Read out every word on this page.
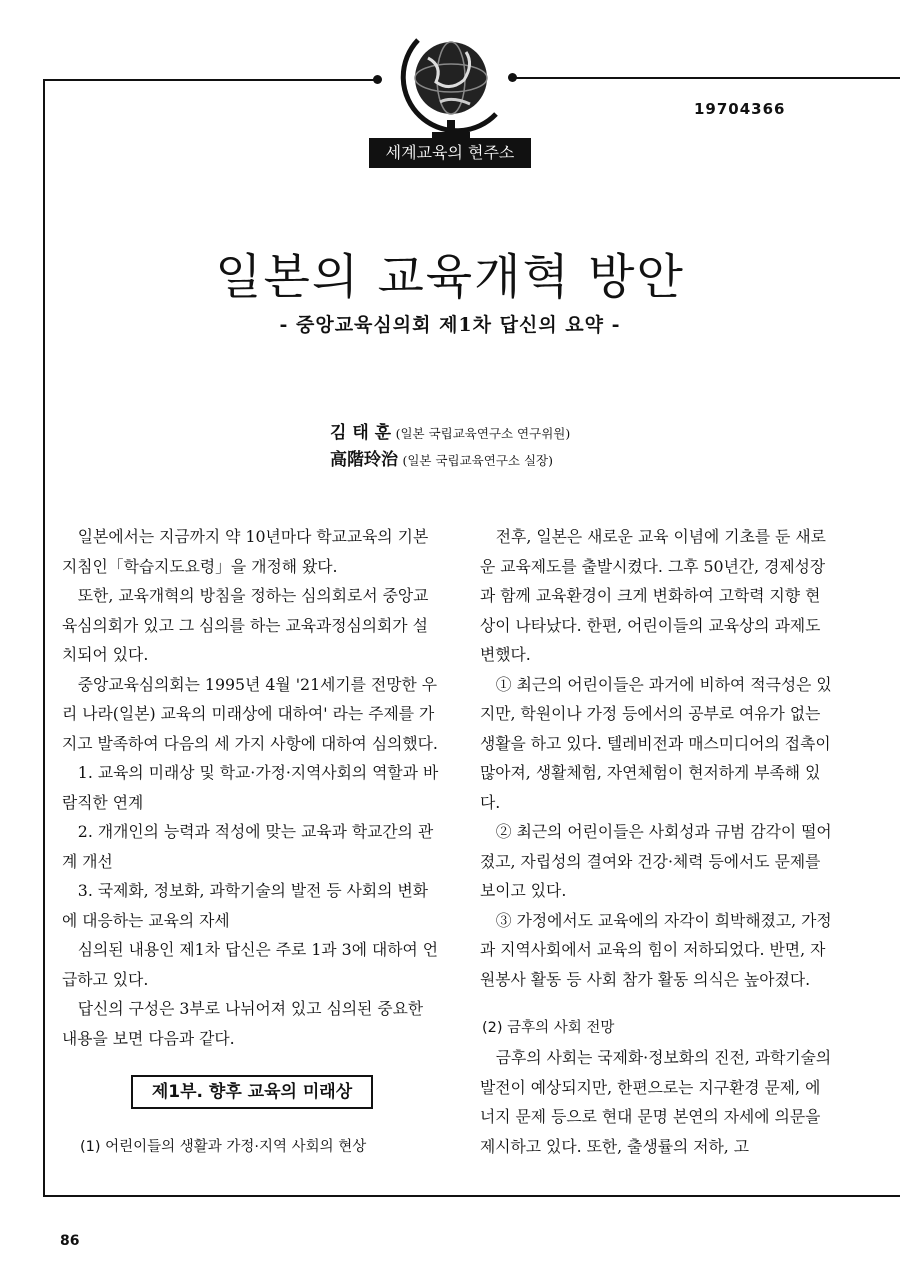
19704366
세계교육의 현주소
일본의 교육개혁 방안
- 중앙교육심의회 제1차 답신의 요약 -
김 태 훈 (일본 국립교육연구소 연구위원)
高階玲治 (일본 국립교육연구소 실장)

일본에서는 지금까지 약 10년마다 학교교육의 기본 지침인「학습지도요령」을 개정해 왔다.

또한, 교육개혁의 방침을 정하는 심의회로서 중앙교육심의회가 있고 그 심의를 하는 교육과정심의회가 설치되어 있다.

중앙교육심의회는 1995년 4월 '21세기를 전망한 우리 나라(일본) 교육의 미래상에 대하여' 라는 주제를 가지고 발족하여 다음의 세 가지 사항에 대하여 심의했다.

1. 교육의 미래상 및 학교·가정·지역사회의 역할과 바람직한 연계

2. 개개인의 능력과 적성에 맞는 교육과 학교간의 관계 개선

3. 국제화, 정보화, 과학기술의 발전 등 사회의 변화에 대응하는 교육의 자세

심의된 내용인 제1차 답신은 주로 1과 3에 대하여 언급하고 있다.

답신의 구성은 3부로 나뉘어져 있고 심의된 중요한 내용을 보면 다음과 같다.

제1부. 향후 교육의 미래상
(1) 어린이들의 생활과 가정·지역 사회의 현상

전후, 일본은 새로운 교육 이념에 기초를 둔 새로운 교육제도를 출발시켰다. 그후 50년간, 경제성장과 함께 교육환경이 크게 변화하여 고학력 지향 현상이 나타났다. 한편, 어린이들의 교육상의 과제도 변했다.

① 최근의 어린이들은 과거에 비하여 적극성은 있지만, 학원이나 가정 등에서의 공부로 여유가 없는 생활을 하고 있다. 텔레비전과 매스미디어의 접촉이 많아져, 생활체험, 자연체험이 현저하게 부족해 있다.

② 최근의 어린이들은 사회성과 규범 감각이 떨어졌고, 자립성의 결여와 건강·체력 등에서도 문제를 보이고 있다.

③ 가정에서도 교육에의 자각이 희박해졌고, 가정과 지역사회에서 교육의 힘이 저하되었다. 반면, 자원봉사 활동 등 사회 참가 활동 의식은 높아졌다.

(2) 금후의 사회 전망

금후의 사회는 국제화·정보화의 진전, 과학기술의 발전이 예상되지만, 한편으로는 지구환경 문제, 에너지 문제 등으로 현대 문명 본연의 자세에 의문을 제시하고 있다. 또한, 출생률의 저하, 고

86
